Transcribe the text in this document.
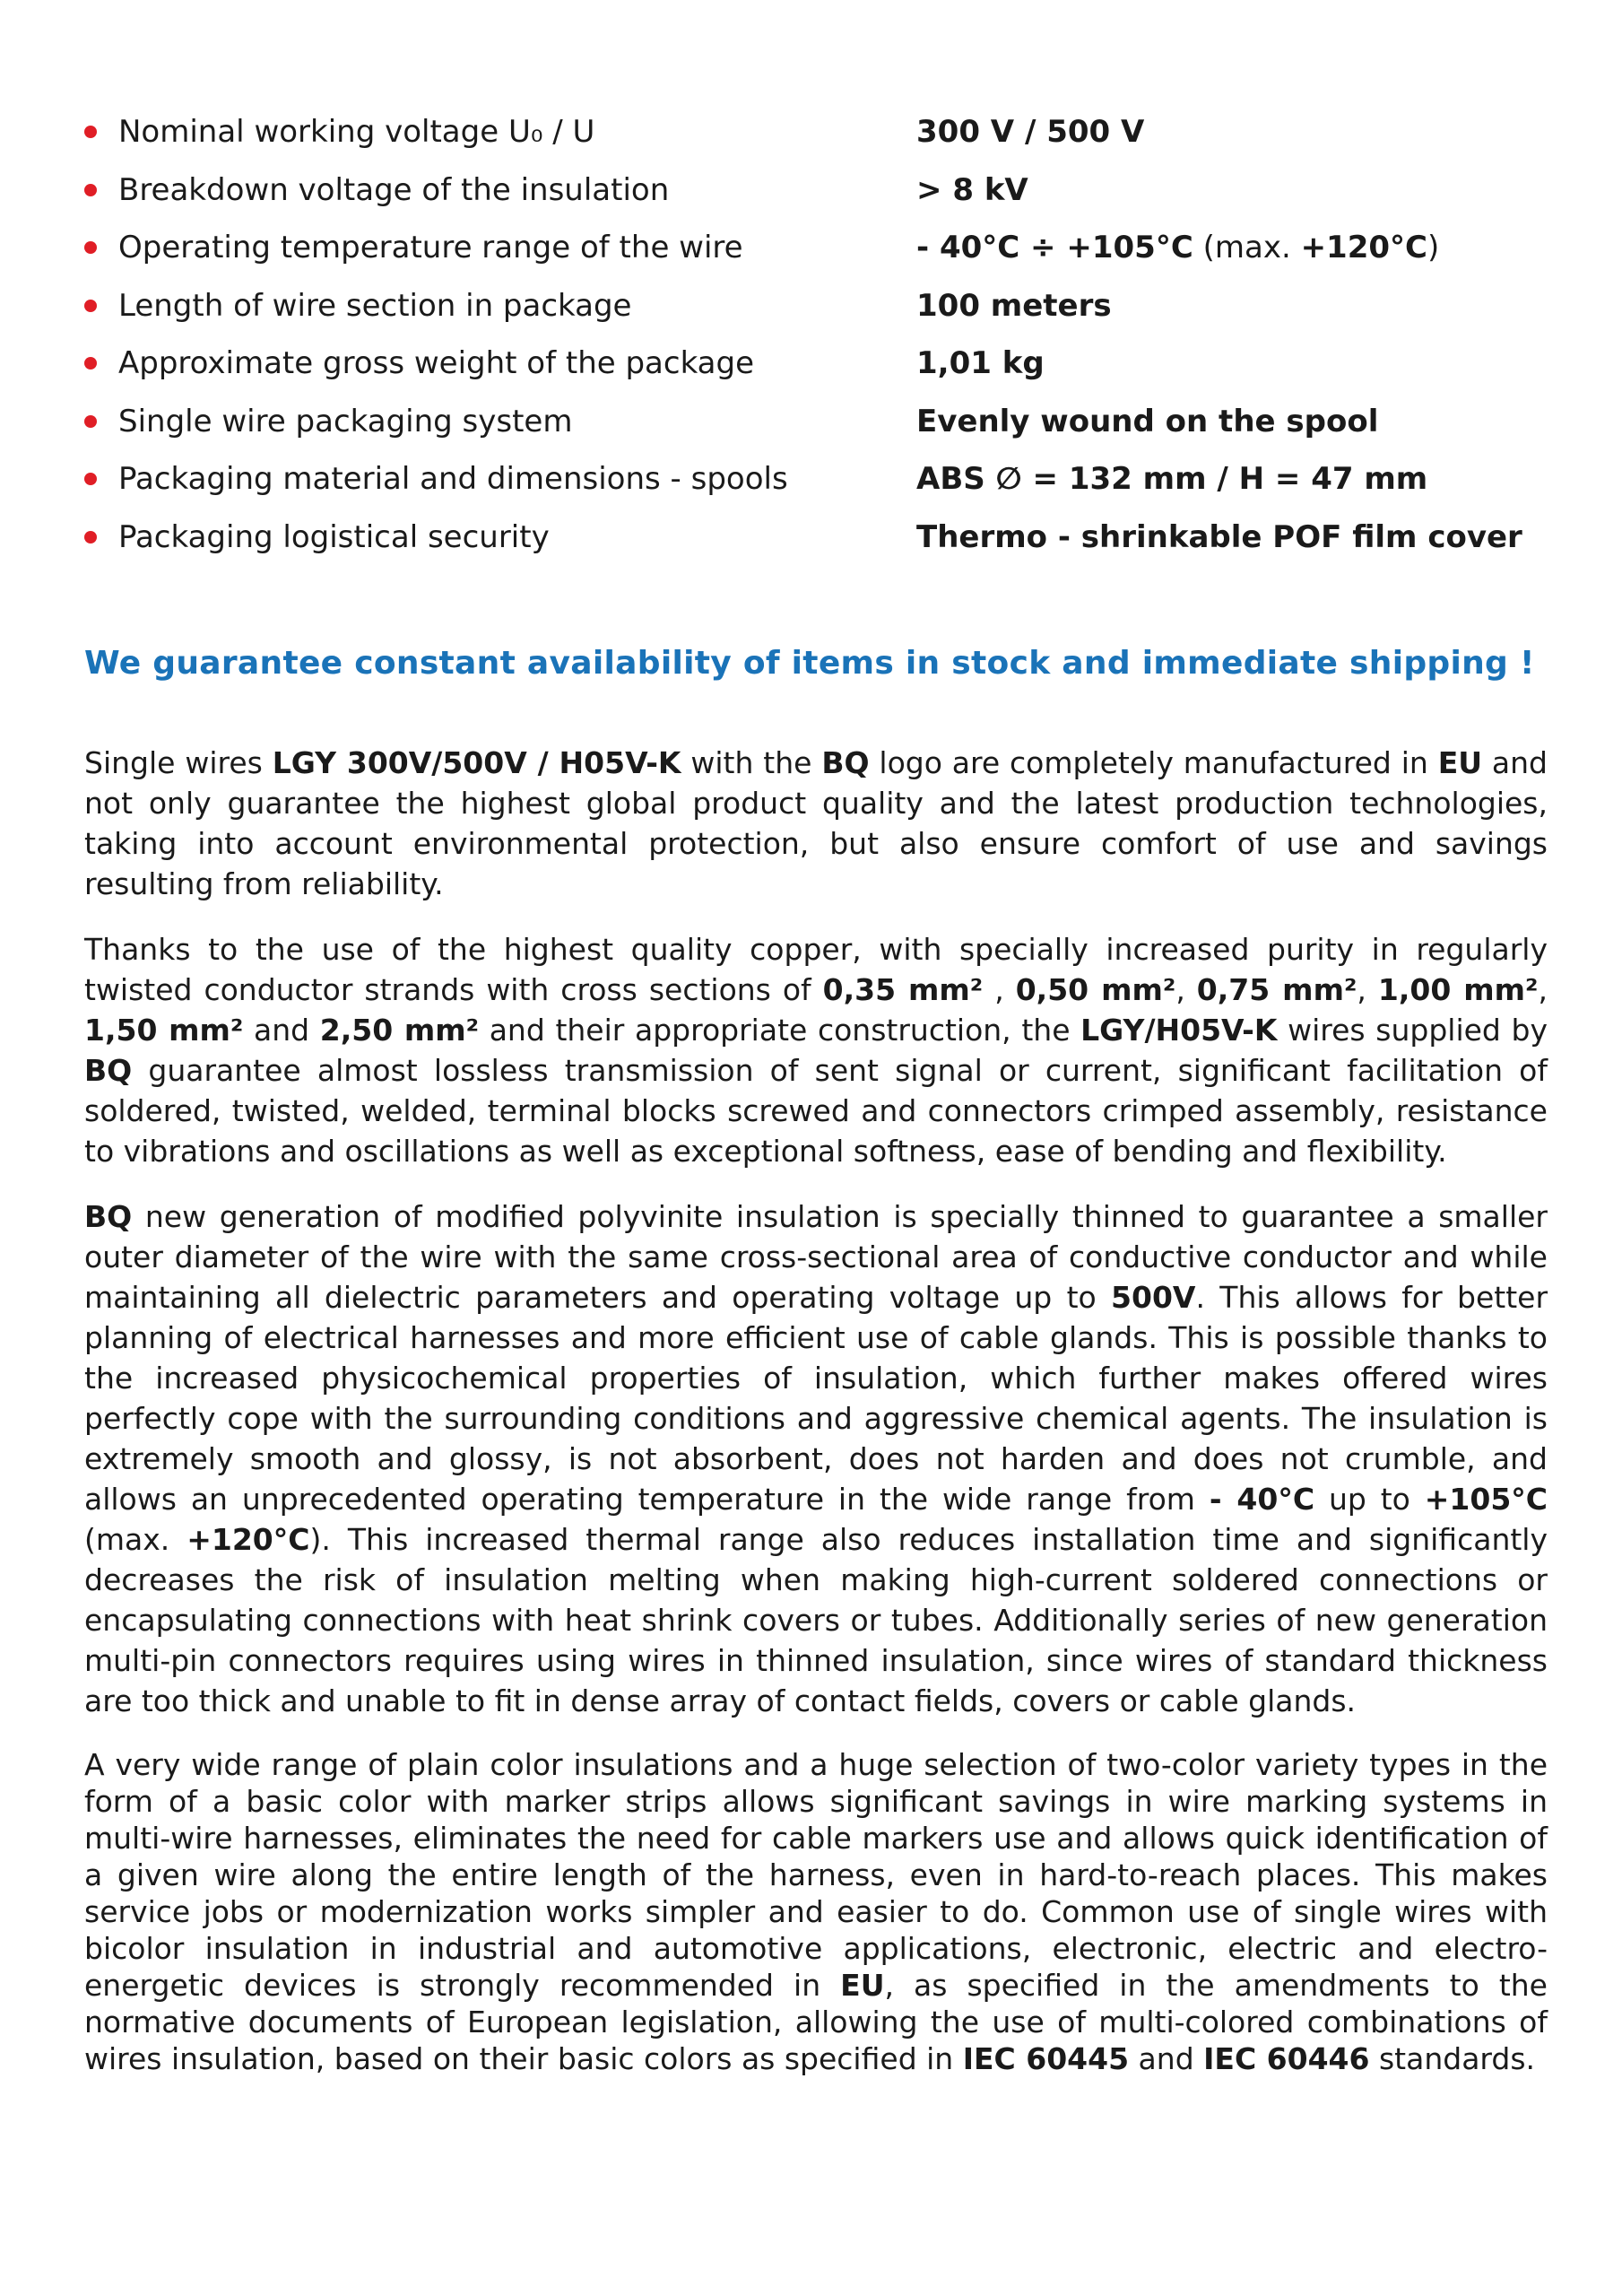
Nominal working voltage U₀ / U	300 V / 500 V
Breakdown voltage of the insulation	> 8 kV
Operating temperature range of the wire	- 40°C ÷ +105°C (max. +120°C)
Length of wire section in package	100 meters
Approximate gross weight of the package	1,01 kg
Single wire packaging system	Evenly wound on the spool
Packaging material and dimensions - spools	ABS ∅ = 132 mm / H = 47 mm
Packaging logistical security	Thermo - shrinkable POF film cover
We guarantee constant availability of items in stock and immediate shipping !

Single wires LGY 300V/500V / H05V-K with the BQ logo are completely manufactured in EU and not only guarantee the highest global product quality and the latest production technologies, taking into account environmental protection, but also ensure comfort of use and savings resulting from reliability.

Thanks to the use of the highest quality copper, with specially increased purity in regularly twisted conductor strands with cross sections of 0,35 mm² , 0,50 mm², 0,75 mm², 1,00 mm², 1,50 mm² and 2,50 mm² and their appropriate construction, the LGY/H05V-K wires supplied by BQ guarantee almost lossless transmission of sent signal or current, significant facilitation of soldered, twisted, welded, terminal blocks screwed and connectors crimped assembly, resistance to vibrations and oscillations as well as exceptional softness, ease of bending and flexibility.

BQ new generation of modified polyvinite insulation is specially thinned to guarantee a smaller outer diameter of the wire with the same cross-sectional area of conductive conductor and while maintaining all dielectric parameters and operating voltage up to 500V. This allows for better planning of electrical harnesses and more efficient use of cable glands. This is possible thanks to the increased physicochemical properties of insulation, which further makes offered wires perfectly cope with the surrounding conditions and aggressive chemical agents. The insulation is extremely smooth and glossy, is not absorbent, does not harden and does not crumble, and allows an unprecedented operating temperature in the wide range from - 40°C up to +105°C (max. +120°C). This increased thermal range also reduces installation time and significantly decreases the risk of insulation melting when making high-current soldered connections or encapsulating connections with heat shrink covers or tubes. Additionally series of new generation multi-pin connectors requires using wires in thinned insulation, since wires of standard thickness are too thick and unable to fit in dense array of contact fields, covers or cable glands.

A very wide range of plain color insulations and a huge selection of two-color variety types in the form of a basic color with marker strips allows significant savings in wire marking systems in multi-wire harnesses, eliminates the need for cable markers use and allows quick identification of a given wire along the entire length of the harness, even in hard-to-reach places. This makes service jobs or modernization works simpler and easier to do. Common use of single wires with bicolor insulation in industrial and automotive applications, electronic, electric and electro-energetic devices is strongly recommended in EU, as specified in the amendments to the normative documents of European legislation, allowing the use of multi-colored combinations of wires insulation, based on their basic colors as specified in IEC 60445 and IEC 60446 standards.
